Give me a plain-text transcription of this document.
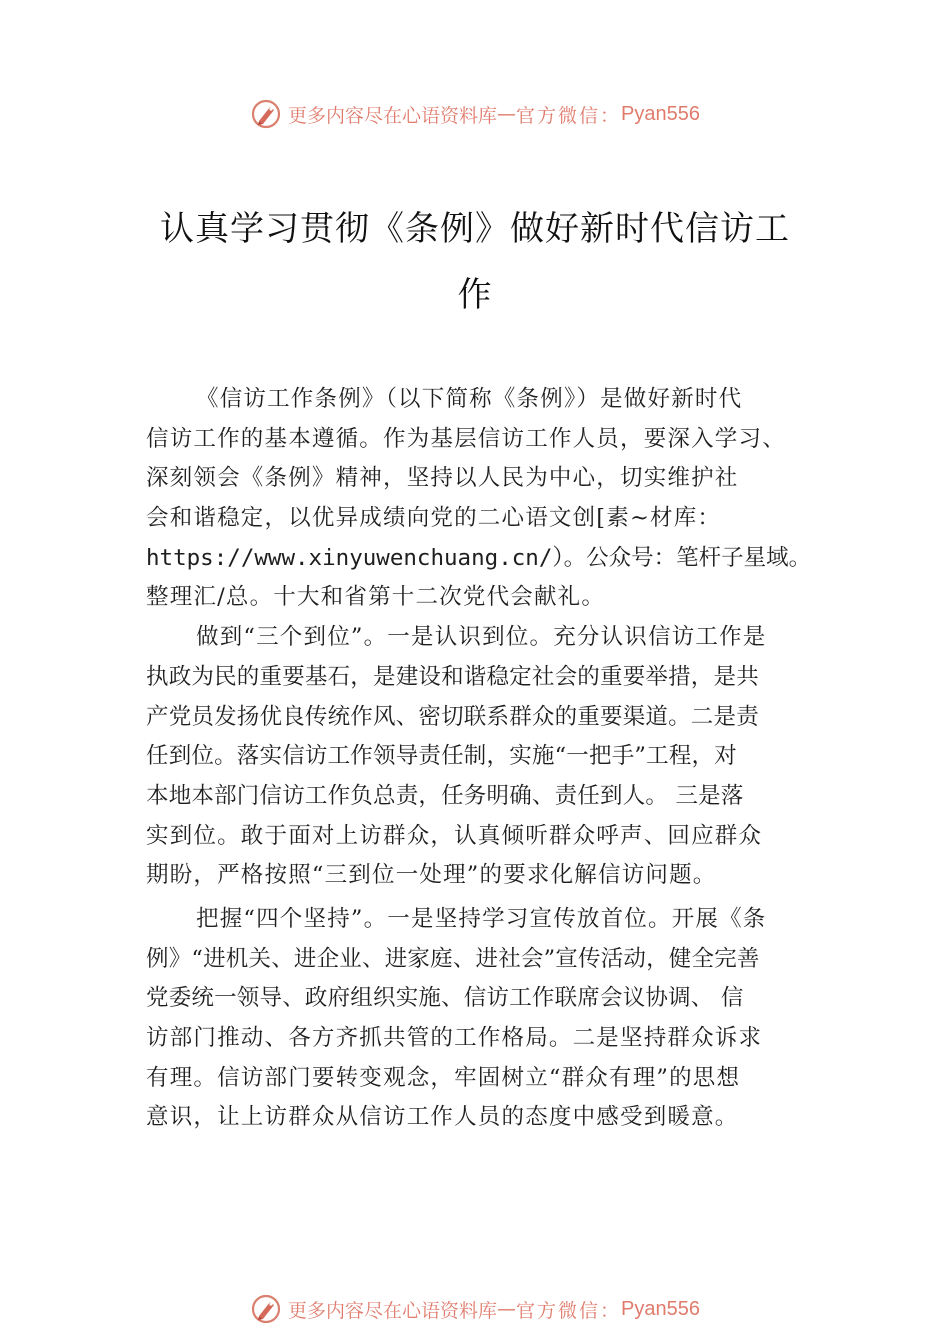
更多内容尽在心语资料库 — 官方微信： Pyan556
认真学习贯彻《条例》做好新时代信访工
作
《信访工作条例》（以下简称《条例》）是做好新时代
信访工作的基本遵循。作为基层信访工作人员，要深入学习、
深刻领会《条例》精神，坚持以人民为中心，切实维护社
会和谐稳定，以优异成绩向党的二心语文创[素~材库：
https://www.xinyuwenchuang.cn/）。公众号：笔杆子星域。
整理汇/总。十大和省第十二次党代会献礼。
做到“三个到位”。一是认识到位。充分认识信访工作是
执政为民的重要基石，是建设和谐稳定社会的重要举措，是共
产党员发扬优良传统作风、密切联系群众的重要渠道。二是责
任到位。落实信访工作领导责任制，实施“一把手”工程，对
本地本部门信访工作负总责，任务明确、责任到人。 三是落
实到位。敢于面对上访群众，认真倾听群众呼声、回应群众
期盼，严格按照“三到位一处理”的要求化解信访问题。
把握“四个坚持”。一是坚持学习宣传放首位。开展《条
例》“进机关、进企业、进家庭、进社会”宣传活动，健全完善
党委统一领导、政府组织实施、信访工作联席会议协调、 信
访部门推动、各方齐抓共管的工作格局。二是坚持群众诉求
有理。信访部门要转变观念，牢固树立“群众有理”的思想
意识，让上访群众从信访工作人员的态度中感受到暖意。
更多内容尽在心语资料库 — 官方微信： Pyan556
